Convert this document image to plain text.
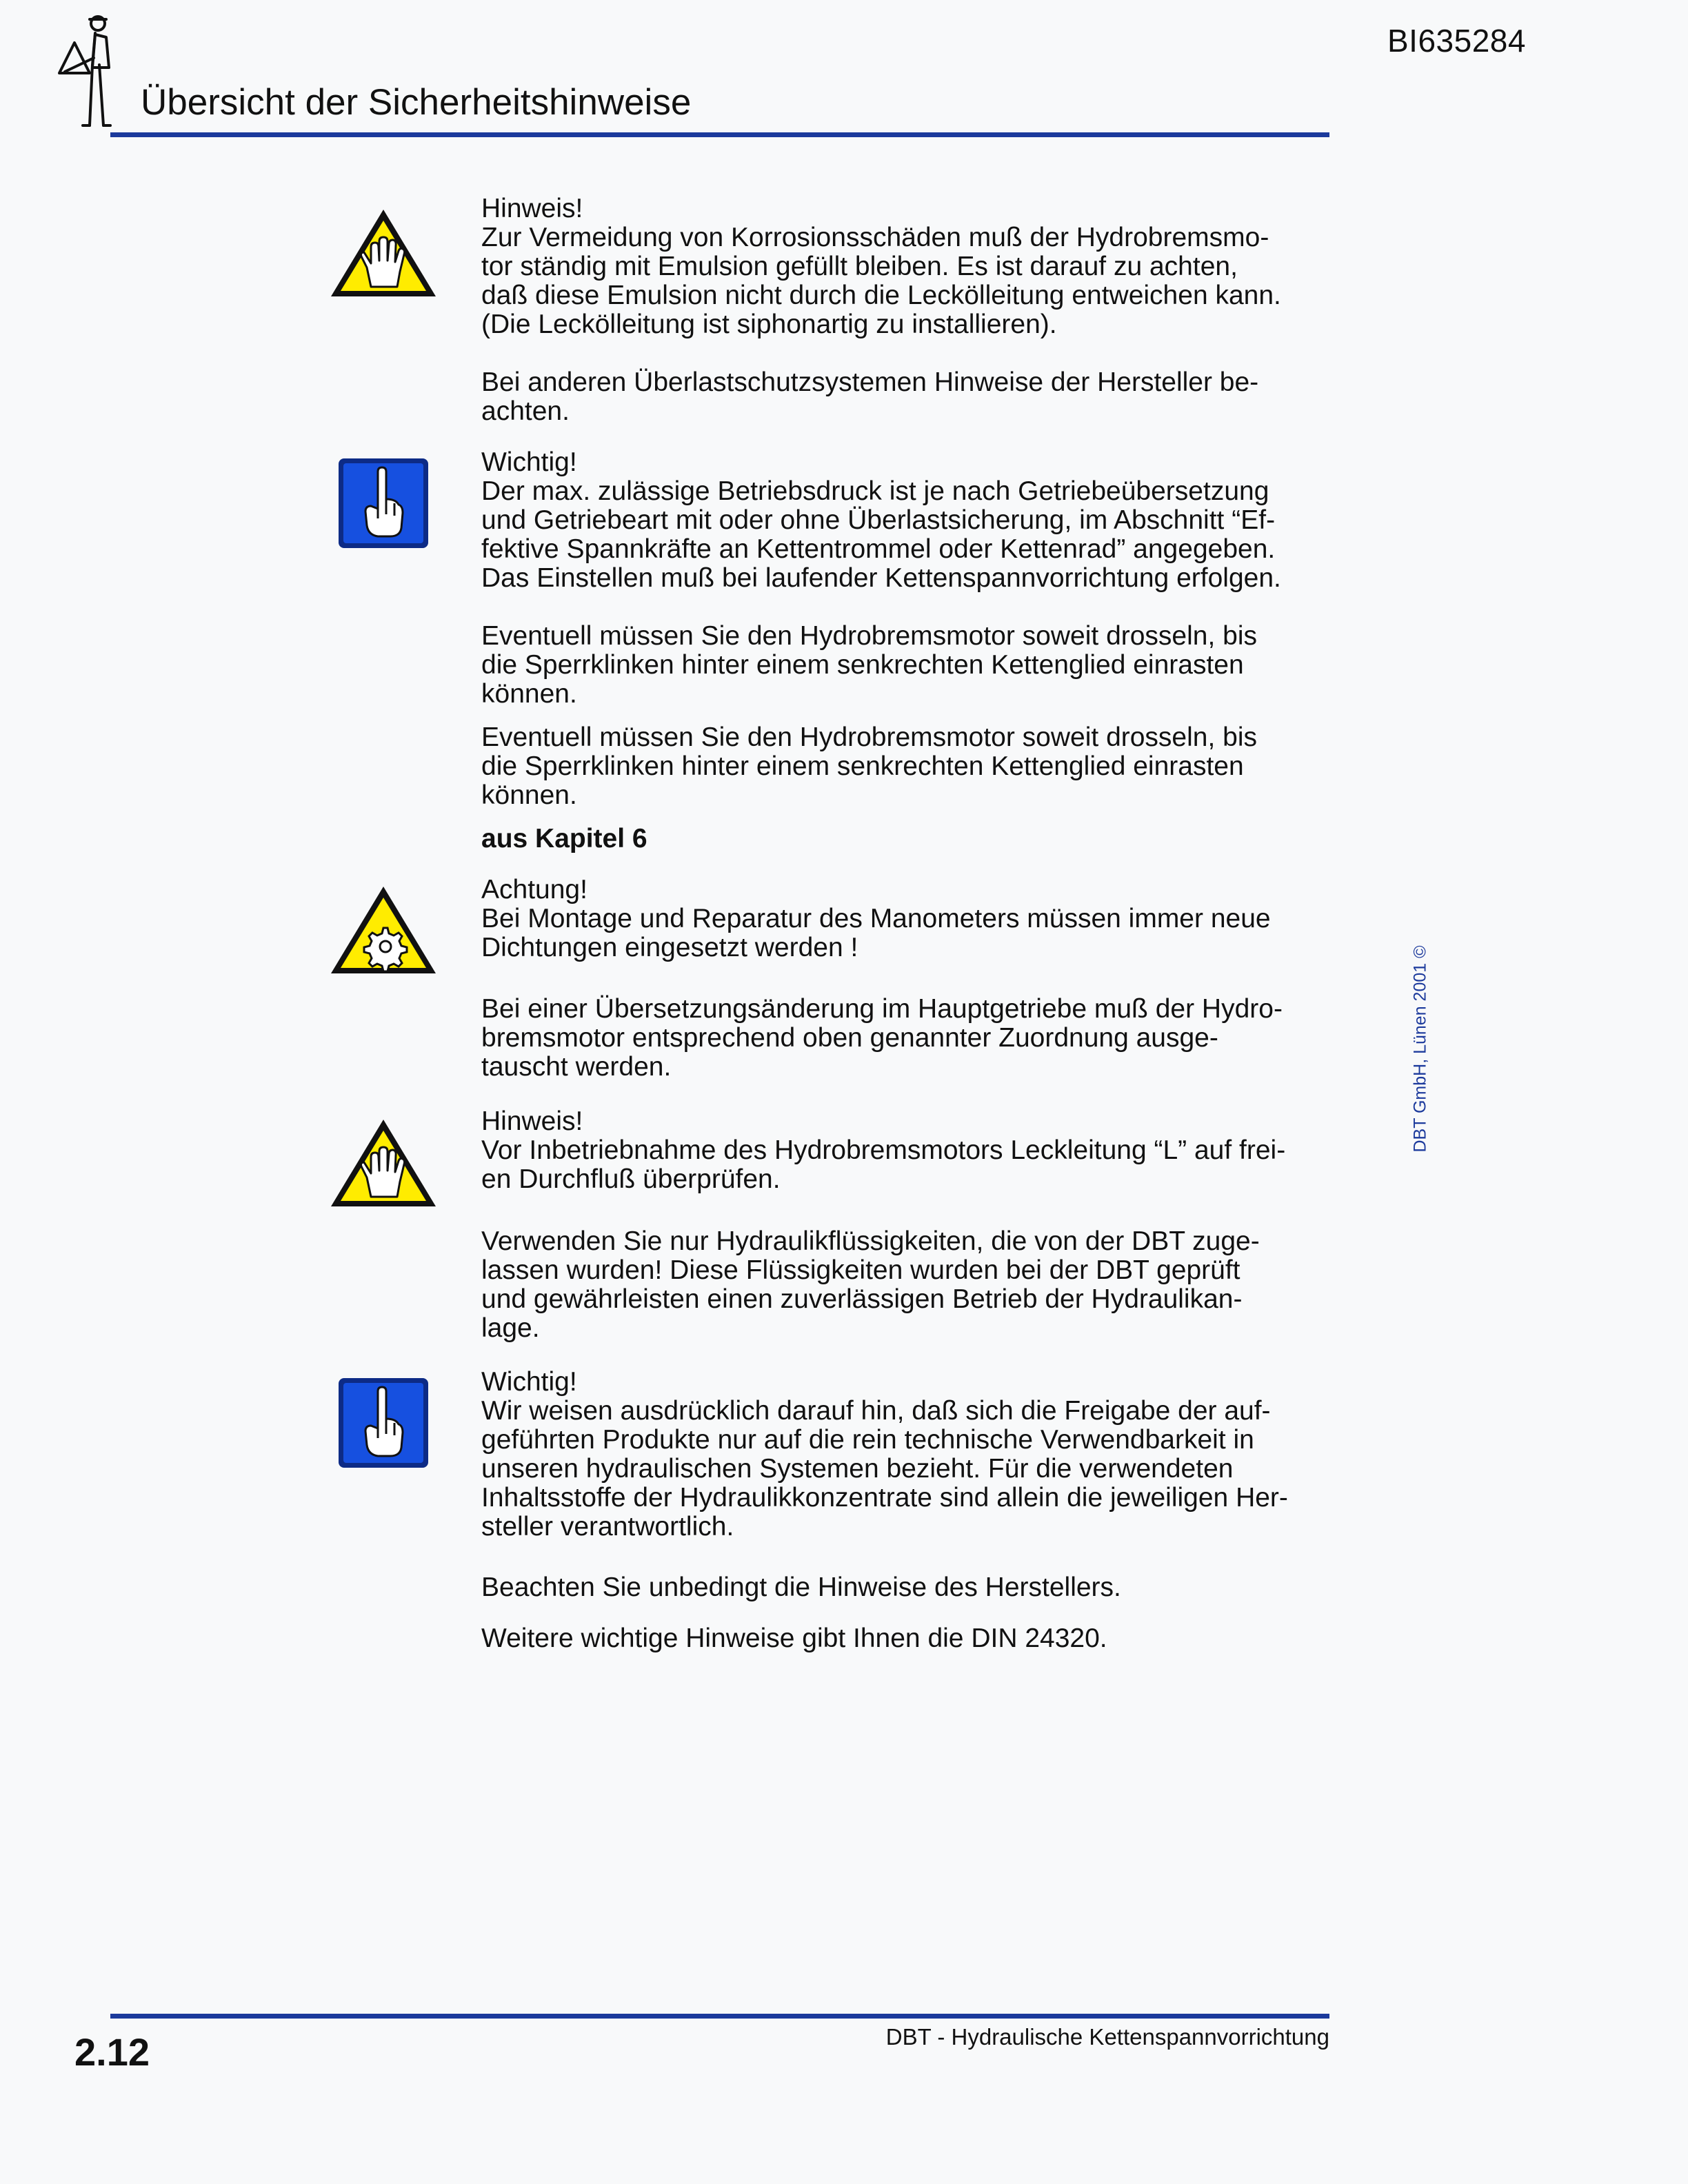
BI635284
Übersicht der Sicherheitshinweise

Hinweis!

Zur Vermeidung von Korrosionsschäden muß der Hydrobremsmo-

tor ständig mit Emulsion gefüllt bleiben. Es ist darauf zu achten,

daß diese Emulsion nicht durch die Leckölleitung entweichen kann.

(Die Leckölleitung ist siphonartig zu installieren).

Bei anderen Überlastschutzsystemen Hinweise der Hersteller be-

achten.

Wichtig!

Der max. zulässige Betriebsdruck ist je nach Getriebeübersetzung

und Getriebeart mit oder ohne Überlastsicherung, im Abschnitt “Ef-

fektive Spannkräfte an Kettentrommel oder Kettenrad” angegeben.

Das Einstellen muß bei laufender Kettenspannvorrichtung erfolgen.

Eventuell müssen Sie den Hydrobremsmotor soweit drosseln, bis

die Sperrklinken hinter einem senkrechten Kettenglied einrasten

können.

Eventuell müssen Sie den Hydrobremsmotor soweit drosseln, bis

die Sperrklinken hinter einem senkrechten Kettenglied einrasten

können.

aus Kapitel 6

Achtung!

Bei Montage und Reparatur des Manometers müssen immer neue

Dichtungen eingesetzt werden !

Bei einer Übersetzungsänderung im Hauptgetriebe muß der Hydro-

bremsmotor entsprechend oben genannter Zuordnung ausge-

tauscht werden.

Hinweis!

Vor Inbetriebnahme des Hydrobremsmotors Leckleitung “L” auf frei-

en Durchfluß überprüfen.

Verwenden Sie nur Hydraulikflüssigkeiten, die von der DBT zuge-

lassen wurden! Diese Flüssigkeiten wurden bei der DBT geprüft

und gewährleisten einen zuverlässigen Betrieb der Hydraulikan-

lage.

Wichtig!

Wir weisen ausdrücklich darauf hin, daß sich die Freigabe der auf-

geführten Produkte nur auf die rein technische Verwendbarkeit in

unseren hydraulischen Systemen bezieht. Für die verwendeten

Inhaltsstoffe der Hydraulikkonzentrate sind allein die jeweiligen Her-

steller verantwortlich.

Beachten Sie unbedingt die Hinweise des Herstellers.

Weitere wichtige Hinweise gibt Ihnen die DIN 24320.

DBT GmbH, Lünen 2001 ©
2.12	DBT - Hydraulische Kettenspannvorrichtung
